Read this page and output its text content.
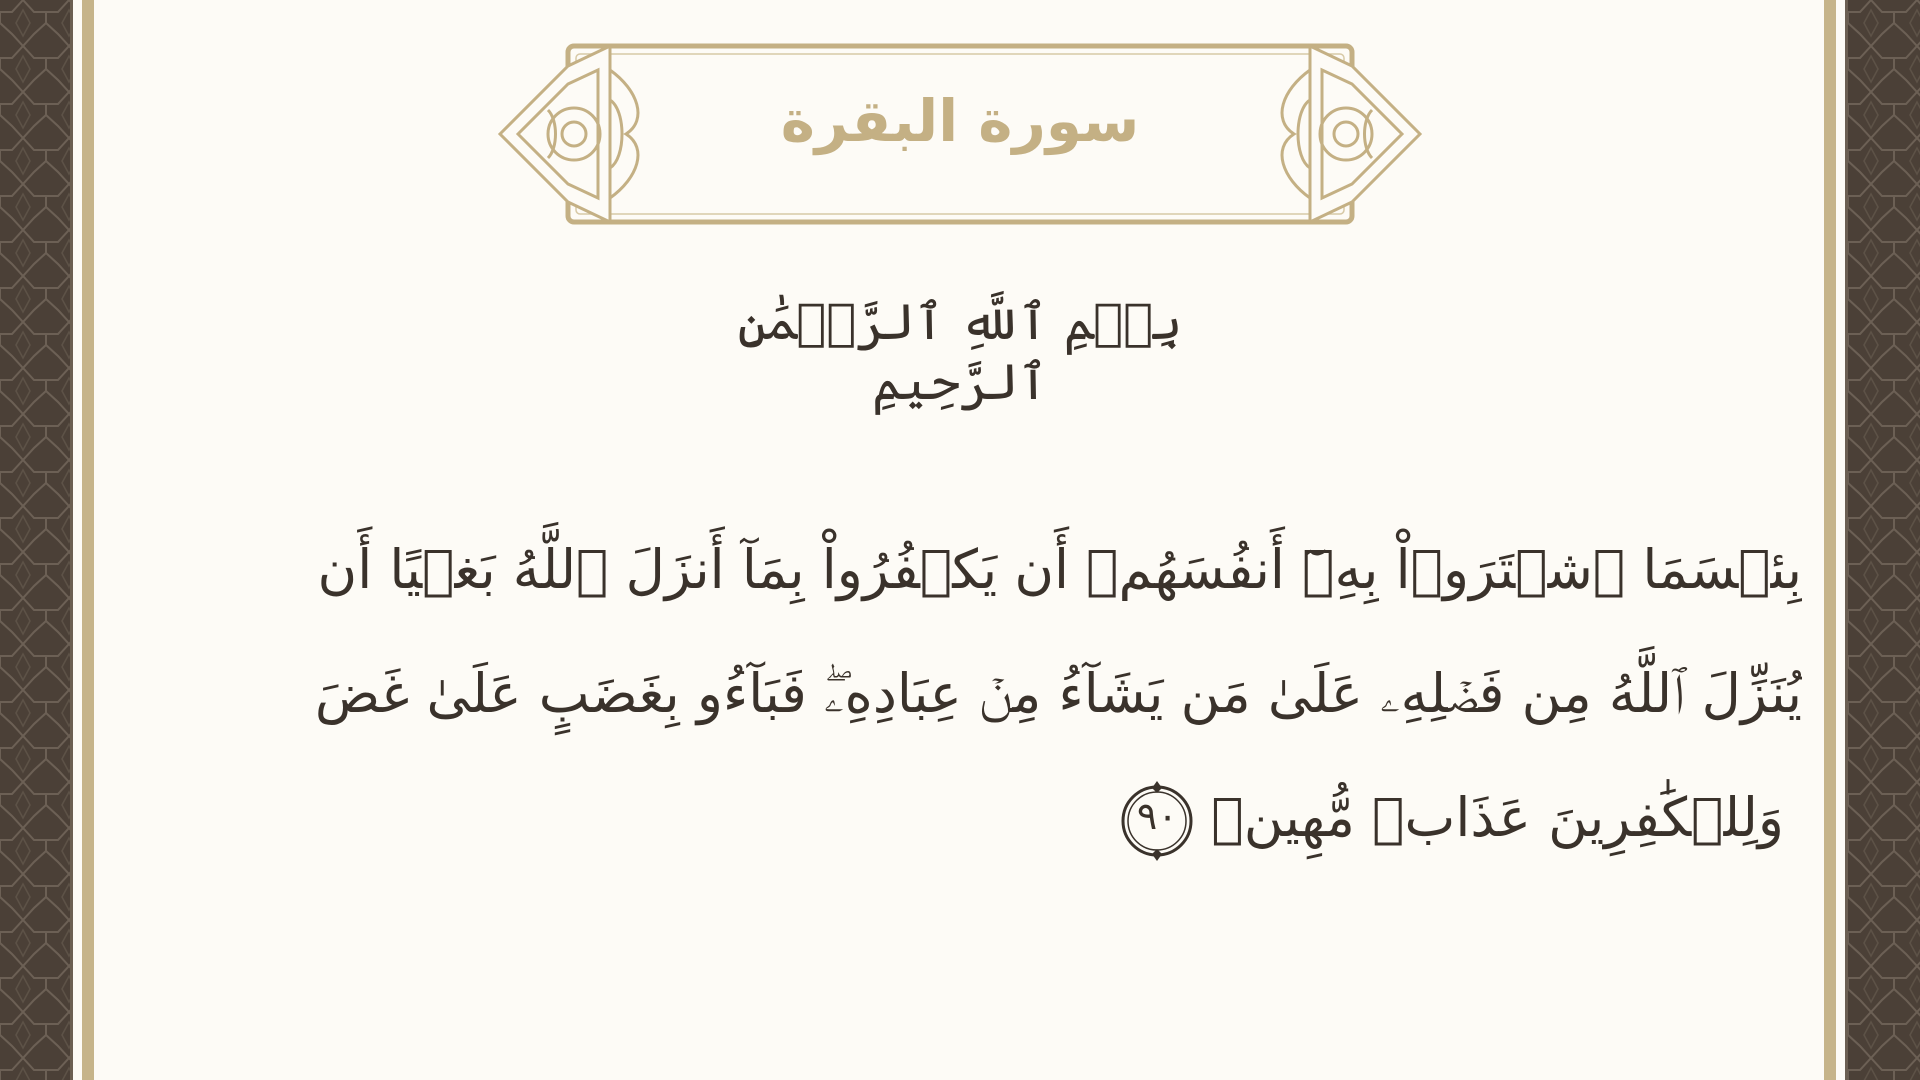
سورة البقرة
بِسۡمِ ٱللَّهِ ٱلرَّحۡمَٰنِ ٱلرَّحِيمِ
بِئۡسَمَا ٱشۡتَرَوۡاْ بِهِۦٓ أَنفُسَهُمۡ أَن يَكۡفُرُواْ بِمَآ أَنزَلَ ٱللَّهُ بَغۡيًا أَن
يُنَزِّلَ ٱللَّهُ مِن فَضۡلِهِۦ عَلَىٰ مَن يَشَآءُ مِنۡ عِبَادِهِۦۖ فَبَآءُو بِغَضَبٍ عَلَىٰ غَضَ
وَلِلۡكَٰفِرِينَ عَذَابٞ مُّهِينٞ
٩٠
